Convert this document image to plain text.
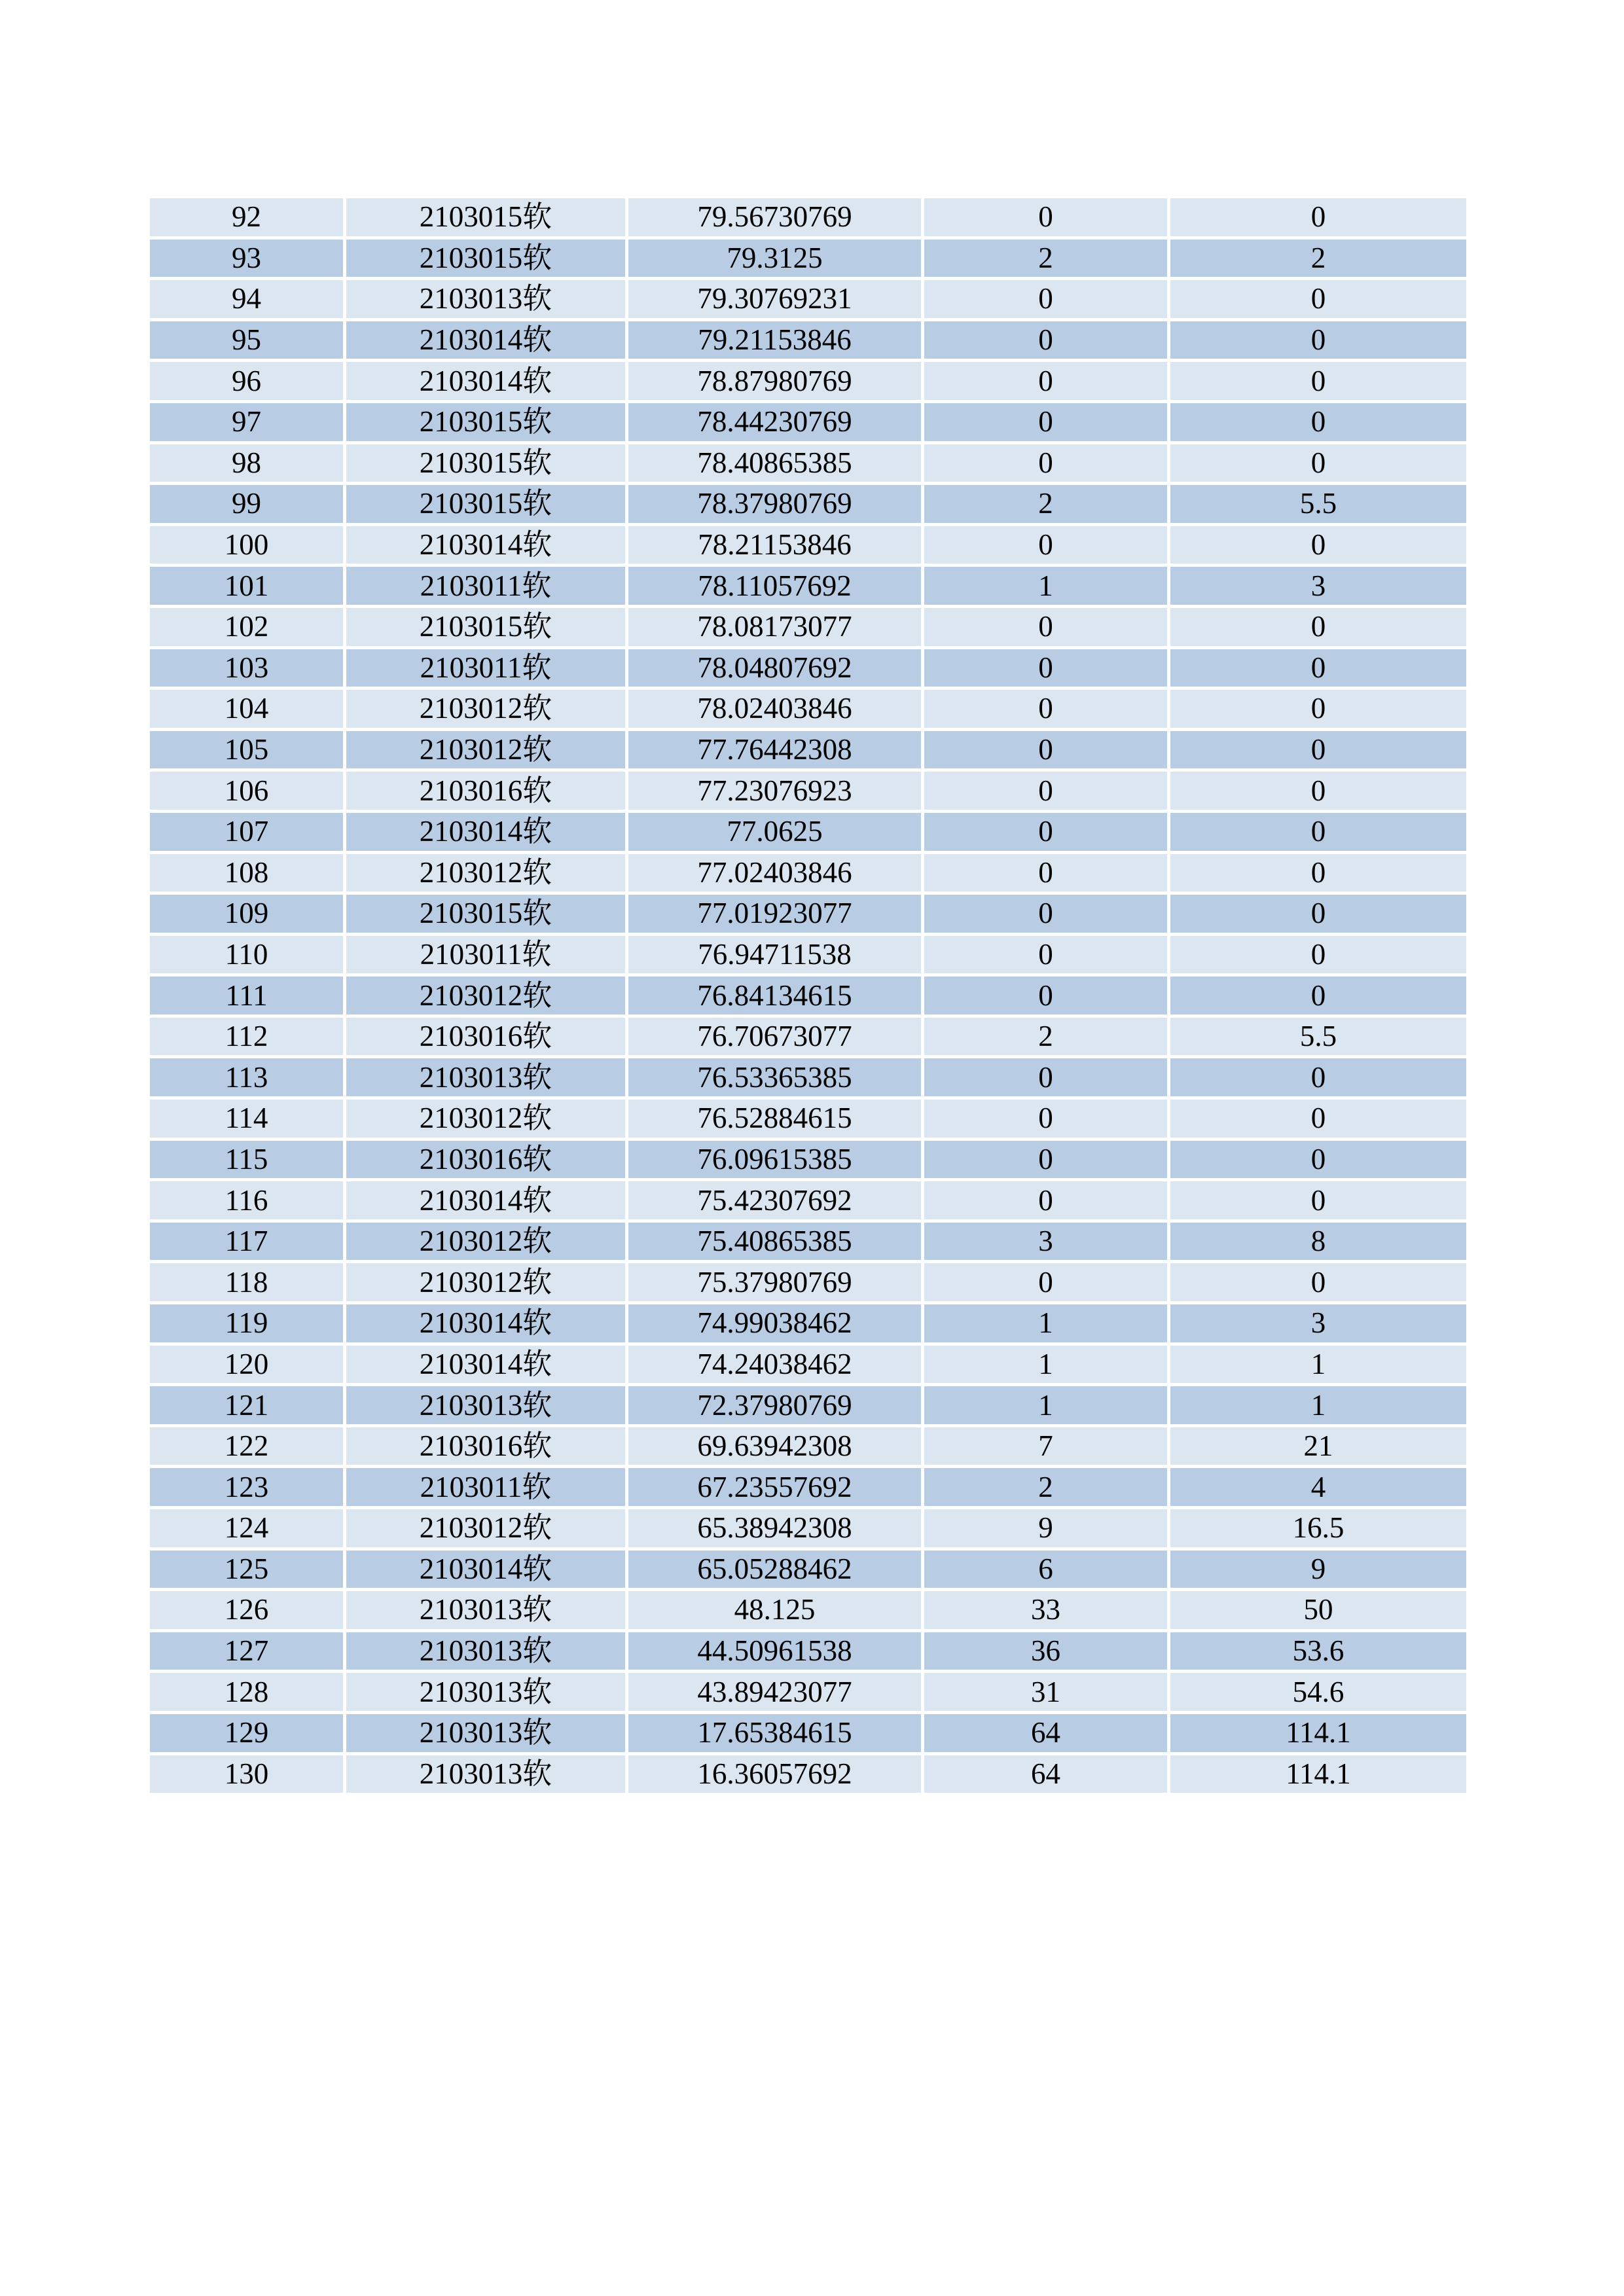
92	2103015软	79.56730769	0	0
93	2103015软	79.3125	2	2
94	2103013软	79.30769231	0	0
95	2103014软	79.21153846	0	0
96	2103014软	78.87980769	0	0
97	2103015软	78.44230769	0	0
98	2103015软	78.40865385	0	0
99	2103015软	78.37980769	2	5.5
100	2103014软	78.21153846	0	0
101	2103011软	78.11057692	1	3
102	2103015软	78.08173077	0	0
103	2103011软	78.04807692	0	0
104	2103012软	78.02403846	0	0
105	2103012软	77.76442308	0	0
106	2103016软	77.23076923	0	0
107	2103014软	77.0625	0	0
108	2103012软	77.02403846	0	0
109	2103015软	77.01923077	0	0
110	2103011软	76.94711538	0	0
111	2103012软	76.84134615	0	0
112	2103016软	76.70673077	2	5.5
113	2103013软	76.53365385	0	0
114	2103012软	76.52884615	0	0
115	2103016软	76.09615385	0	0
116	2103014软	75.42307692	0	0
117	2103012软	75.40865385	3	8
118	2103012软	75.37980769	0	0
119	2103014软	74.99038462	1	3
120	2103014软	74.24038462	1	1
121	2103013软	72.37980769	1	1
122	2103016软	69.63942308	7	21
123	2103011软	67.23557692	2	4
124	2103012软	65.38942308	9	16.5
125	2103014软	65.05288462	6	9
126	2103013软	48.125	33	50
127	2103013软	44.50961538	36	53.6
128	2103013软	43.89423077	31	54.6
129	2103013软	17.65384615	64	114.1
130	2103013软	16.36057692	64	114.1
